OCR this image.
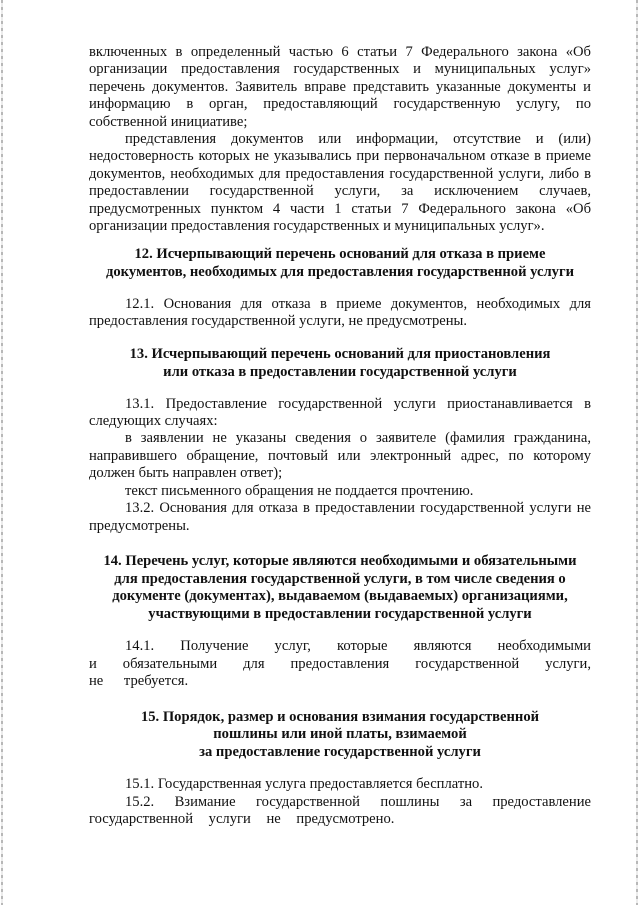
включенных в определенный частью 6 статьи 7 Федерального закона «Об организации предоставления государственных и муниципальных услуг» перечень документов. Заявитель вправе представить указанные документы и информацию в орган, предоставляющий государственную услугу, по собственной инициативе;

представления документов или информации, отсутствие и (или) недостоверность которых не указывались при первоначальном отказе в приеме документов, необходимых для предоставления государственной услуги, либо в предоставлении государственной услуги, за исключением случаев, предусмотренных пунктом 4 части 1 статьи 7 Федерального закона «Об организации предоставления государственных и муниципальных услуг».

12. Исчерпывающий перечень оснований для отказа в приеме
документов, необходимых для предоставления государственной услуги

12.1. Основания для отказа в приеме документов, необходимых для предоставления государственной услуги, не предусмотрены.

13. Исчерпывающий перечень оснований для приостановления
или отказа в предоставлении государственной услуги

13.1. Предоставление государственной услуги приостанавливается в следующих случаях:

в заявлении не указаны сведения о заявителе (фамилия гражданина, направившего обращение, почтовый или электронный адрес, по которому должен быть направлен ответ);

текст письменного обращения не поддается прочтению.

13.2. Основания для отказа в предоставлении государственной услуги не предусмотрены.

14. Перечень услуг, которые являются необходимыми и обязательными
для предоставления государственной услуги, в том числе сведения о
документе (документах), выдаваемом (выдаваемых) организациями,
участвующими в предоставлении государственной услуги

14.1. Получение услуг, которые являются необходимыми и обязательными для предоставления государственной услуги, не требуется.

15. Порядок, размер и основания взимания государственной
пошлины или иной платы, взимаемой
за предоставление государственной услуги

15.1. Государственная услуга предоставляется бесплатно.

15.2. Взимание государственной пошлины за предоставление государственной услуги не предусмотрено.
